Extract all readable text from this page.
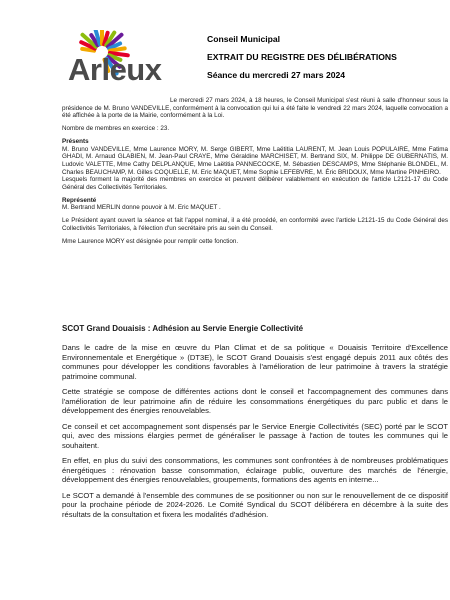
Arleux
Conseil Municipal
EXTRAIT DU REGISTRE DES DÉLIBÉRATIONS
Séance du mercredi 27 mars 2024

Le mercredi 27 mars 2024, à 18 heures, le Conseil Municipal s'est réuni à salle d'honneur sous la présidence de M. Bruno VANDEVILLE, conformément à la convocation qui lui a été faite le vendredi 22 mars 2024, laquelle convocation a été affichée à la porte de la Mairie, conformément à la Loi.

Nombre de membres en exercice : 23.

Présents

M. Bruno VANDEVILLE, Mme Laurence MORY, M. Serge GIBERT, Mme Laëtitia LAURENT, M. Jean Louis POPULAIRE, Mme Fatima GHADI, M. Arnaud GLABIEN, M. Jean-Paul CRAYE, Mme Géraldine MARCHISET, M. Bertrand SIX, M. Philippe DE GUBERNATIS, M. Ludovic VALETTE, Mme Cathy DELPLANQUE, Mme Laëtitia PANNECOCKE, M. Sébastien DESCAMPS, Mme Stéphanie BLONDEL, M. Charles BEAUCHAMP, M. Gilles COQUELLE, M. Eric MAQUET, Mme Sophie LEFEBVRE, M. Éric BRIDOUX, Mme Martine PINHEIRO.

Lesquels forment la majorité des membres en exercice et peuvent délibérer valablement en exécution de l'article L2121-17 du Code Général des Collectivités Territoriales.

Représenté

M. Bertrand MERLIN donne pouvoir à M. Eric MAQUET .

Le Président ayant ouvert la séance et fait l'appel nominal, il a été procédé, en conformité avec l'article L2121-15 du Code Général des Collectivités Territoriales, à l'élection d'un secrétaire pris au sein du Conseil.

Mme Laurence MORY est désignée pour remplir cette fonction.

SCOT Grand Douaisis : Adhésion au Servie Energie Collectivité

Dans le cadre de la mise en œuvre du Plan Climat et de sa politique « Douaisis Territoire d'Excellence Environnementale et Energétique » (DT3E), le SCOT Grand Douaisis s'est engagé depuis 2011 aux côtés des communes pour développer les conditions favorables à l'amélioration de leur patrimoine à travers la stratégie patrimoine communal.

Cette stratégie se compose de différentes actions dont le conseil et l'accompagnement des communes dans l'amélioration de leur patrimoine afin de réduire les consommations énergétiques du parc public et dans le développement des énergies renouvelables.

Ce conseil et cet accompagnement sont dispensés par le Service Energie Collectivités (SEC) porté par le SCOT qui, avec des missions élargies permet de généraliser le passage à l'action de toutes les communes qui le souhaitent.

En effet, en plus du suivi des consommations, les communes sont confrontées à de nombreuses problématiques énergétiques : rénovation basse consommation, éclairage public, ouverture des marchés de l'énergie, développement des énergies renouvelables, groupements, formations des agents en interne...

Le SCOT a demandé à l'ensemble des communes de se positionner ou non sur le renouvellement de ce dispositif pour la prochaine période de 2024-2026. Le Comité Syndical du SCOT délibérera en décembre à la suite des résultats de la consultation et fixera les modalités d'adhésion.
